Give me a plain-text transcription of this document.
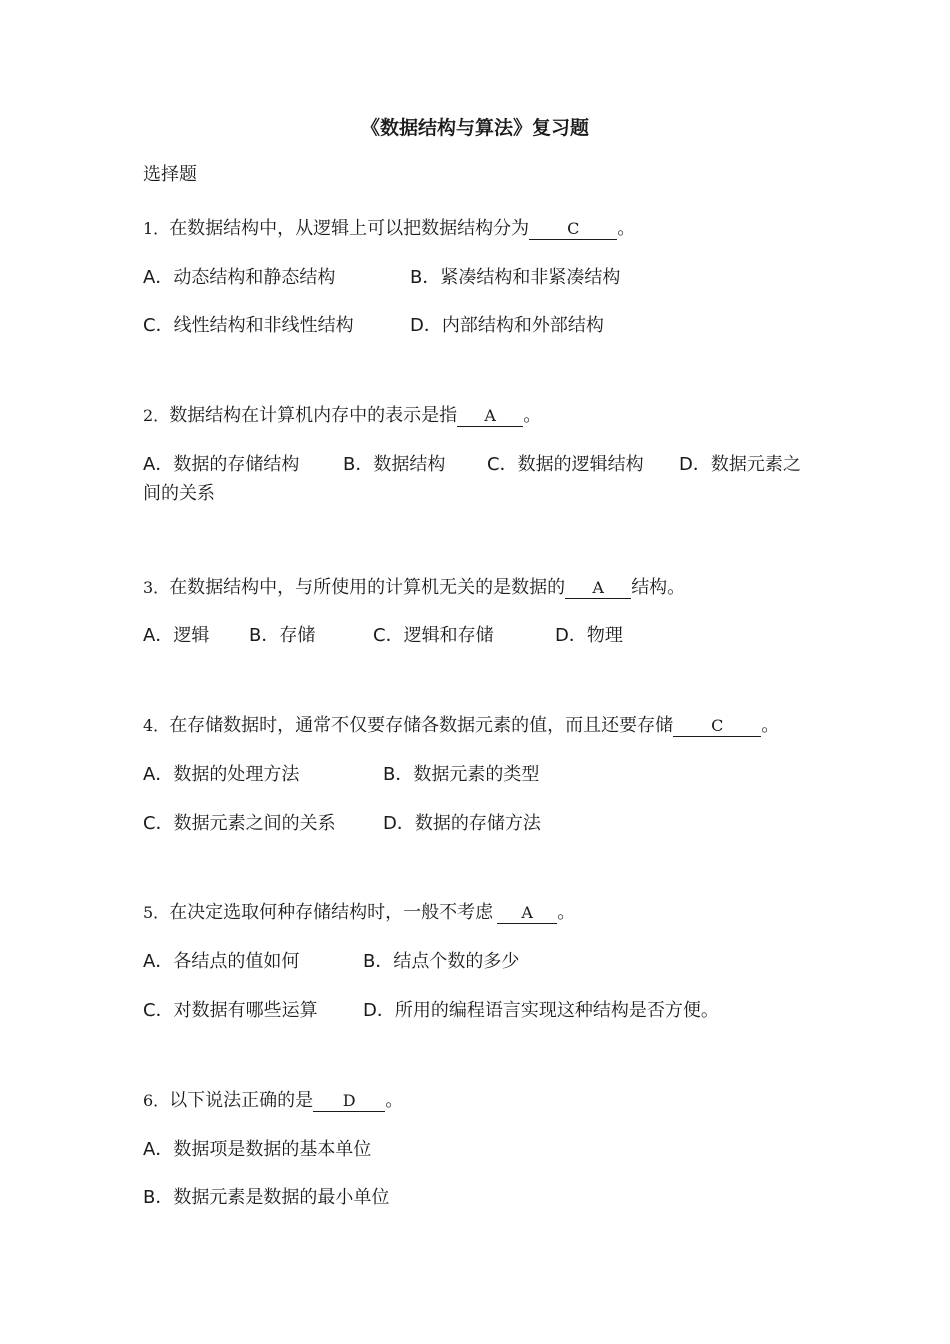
《数据结构与算法》复习题
选择题
1．在数据结构中，从逻辑上可以把数据结构分为 C 。
A．动态结构和静态结构	B．紧凑结构和非紧凑结构
C．线性结构和非线性结构	D．内部结构和外部结构
2．数据结构在计算机内存中的表示是指 A 。
A．数据的存储结构 B．数据结构 C．数据的逻辑结构 D．数据元素之
间的关系
3．在数据结构中，与所使用的计算机无关的是数据的 A 结构。
A．逻辑 B．存储	C．逻辑和存储	D．物理
4．在存储数据时，通常不仅要存储各数据元素的值，而且还要存储 C 。
A．数据的处理方法	B．数据元素的类型
C．数据元素之间的关系	D．数据的存储方法
5．在决定选取何种存储结构时，一般不考虑 A 。
A．各结点的值如何	B．结点个数的多少
C．对数据有哪些运算	D．所用的编程语言实现这种结构是否方便。
6．以下说法正确的是 D 。
A．数据项是数据的基本单位
B．数据元素是数据的最小单位
